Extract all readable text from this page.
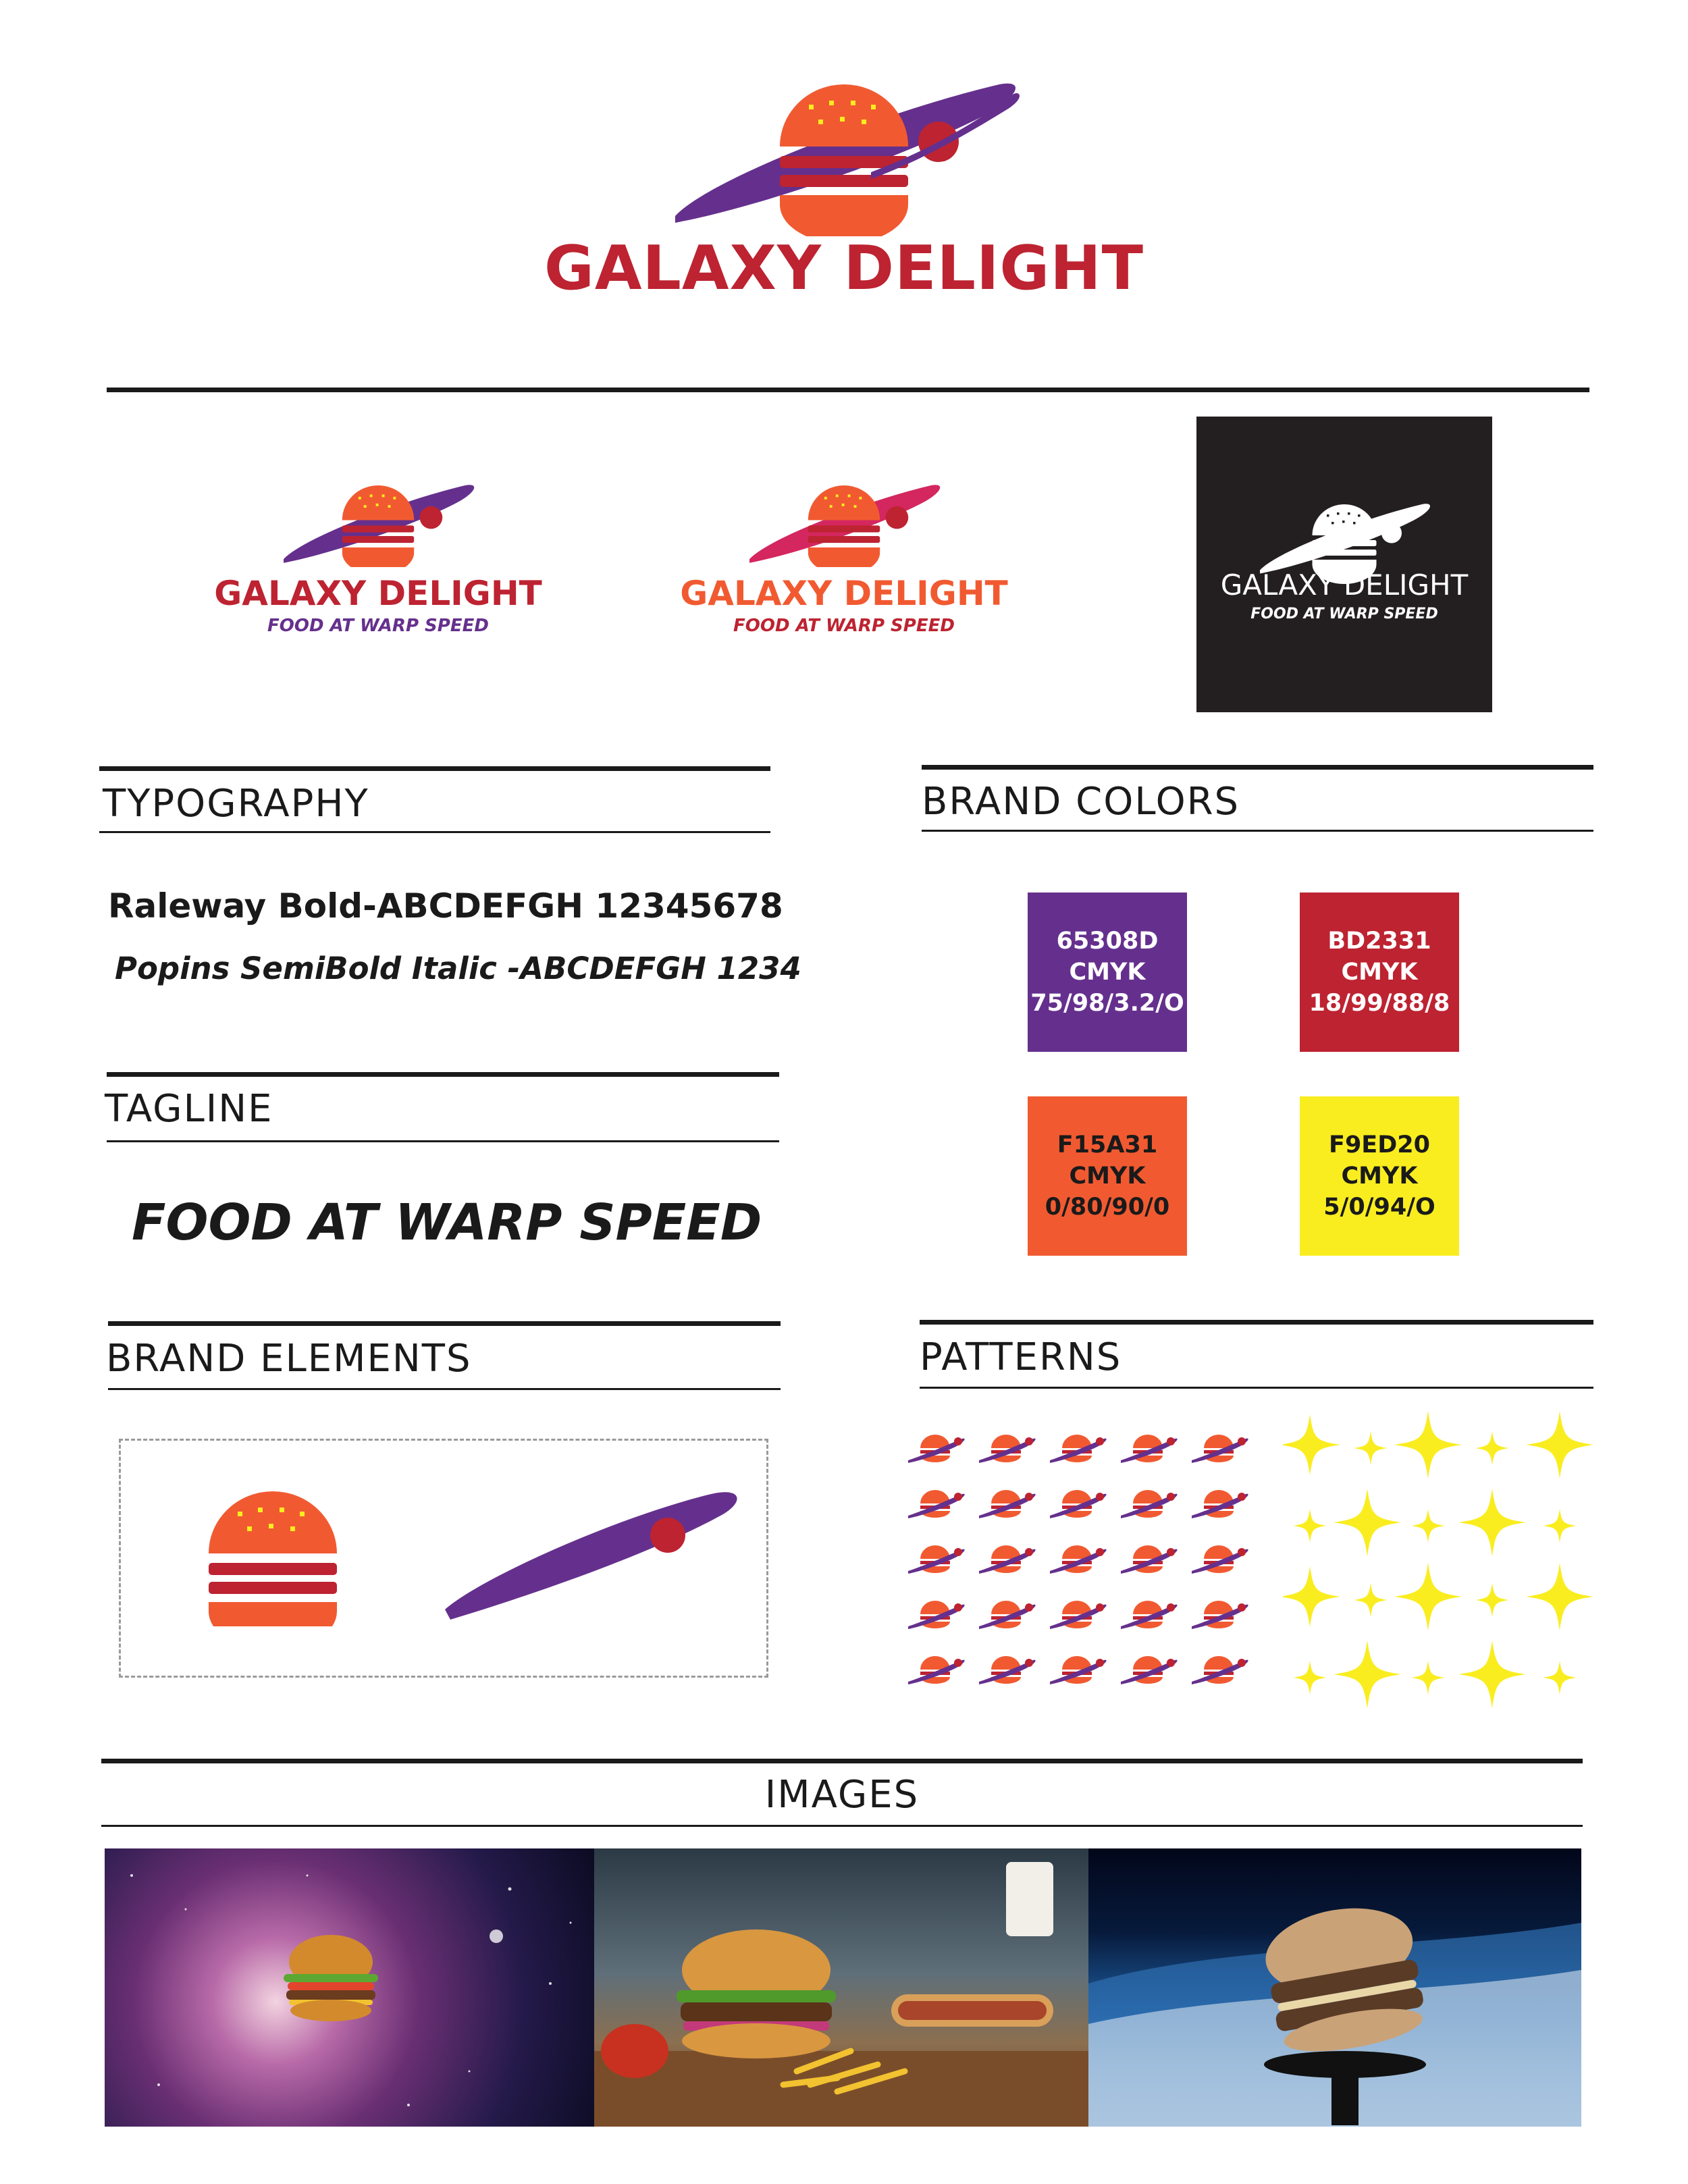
GALAXY DELIGHT
GALAXY DELIGHT
FOOD AT WARP SPEED
GALAXY DELIGHT
FOOD AT WARP SPEED
GALAXY DELIGHT
FOOD AT WARP SPEED
TYPOGRAPHY
Raleway Bold-ABCDEFGH 12345678
Popins SemiBold Italic -ABCDEFGH 1234
TAGLINE
FOOD AT WARP SPEED
BRAND COLORS
65308D
CMYK
75/98/3.2/O
BD2331
CMYK
18/99/88/8
F15A31
CMYK
0/80/90/0
F9ED20
CMYK
5/0/94/O
BRAND ELEMENTS	PATTERNS
IMAGES
